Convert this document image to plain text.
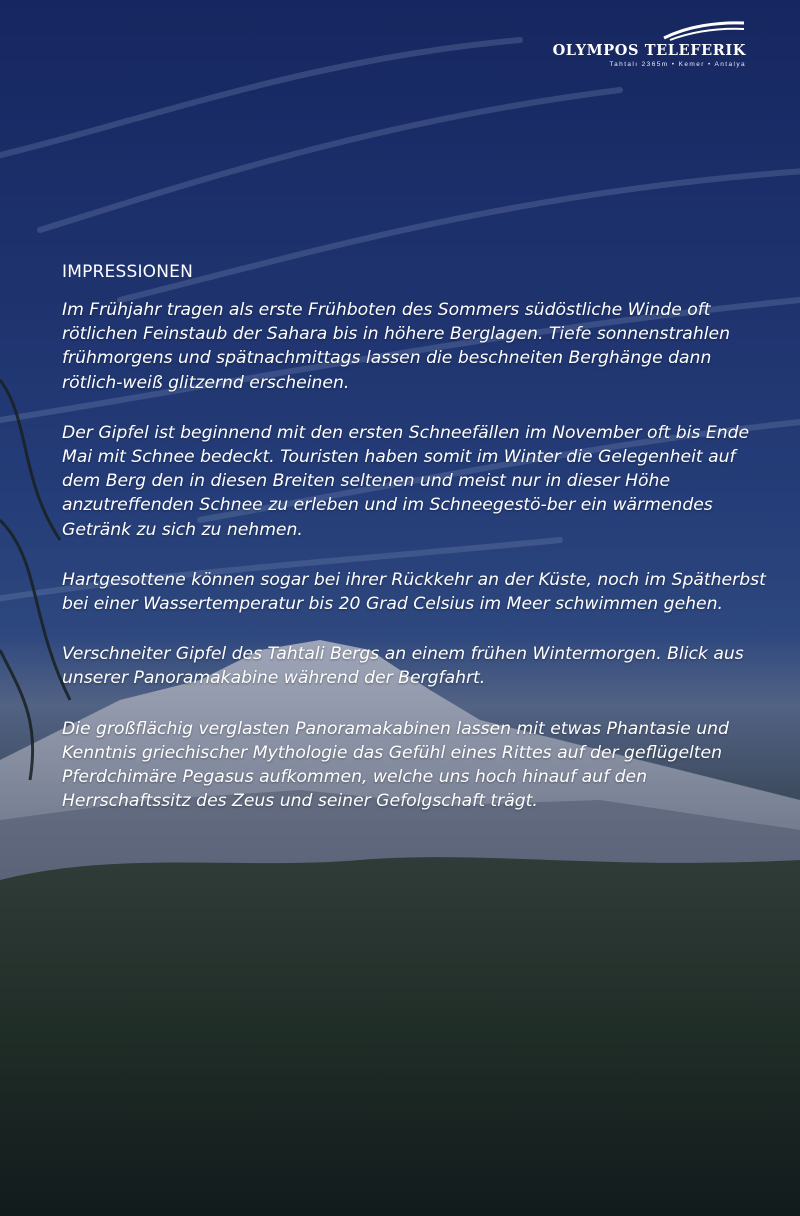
OLYMPOS TELEFERIK
Tahtalı 2365m • Kemer • Antalya
IMPRESSIONEN

Im Frühjahr tragen als erste Frühboten des Sommers südöstliche Winde oft rötlichen Feinstaub der Sahara bis in höhere Berglagen. Tiefe sonnenstrahlen frühmorgens und spätnachmittags lassen die beschneiten Berghänge dann rötlich-weiß glitzernd erscheinen.

Der Gipfel ist beginnend mit den ersten Schneefällen im November oft bis Ende Mai mit Schnee bedeckt. Touristen haben somit im Winter die Gelegenheit auf dem Berg den in diesen Breiten seltenen und meist nur in dieser Höhe anzutreffenden Schnee zu erleben und im Schneegestö-ber ein wärmendes Getränk zu sich zu nehmen.

Hartgesottene können sogar bei ihrer Rückkehr an der Küste, noch im Spätherbst bei einer Wassertemperatur bis 20 Grad Celsius im Meer schwimmen gehen.

Verschneiter Gipfel des Tahtali Bergs an einem frühen Wintermorgen. Blick aus unserer Panoramakabine während der Bergfahrt.

Die großflächig verglasten Panoramakabinen lassen mit etwas Phantasie und Kenntnis griechischer Mythologie das Gefühl eines Rittes auf der geflügelten Pferdchimäre Pegasus aufkommen, welche uns hoch hinauf auf den Herrschaftssitz des Zeus und seiner Gefolgschaft trägt.
